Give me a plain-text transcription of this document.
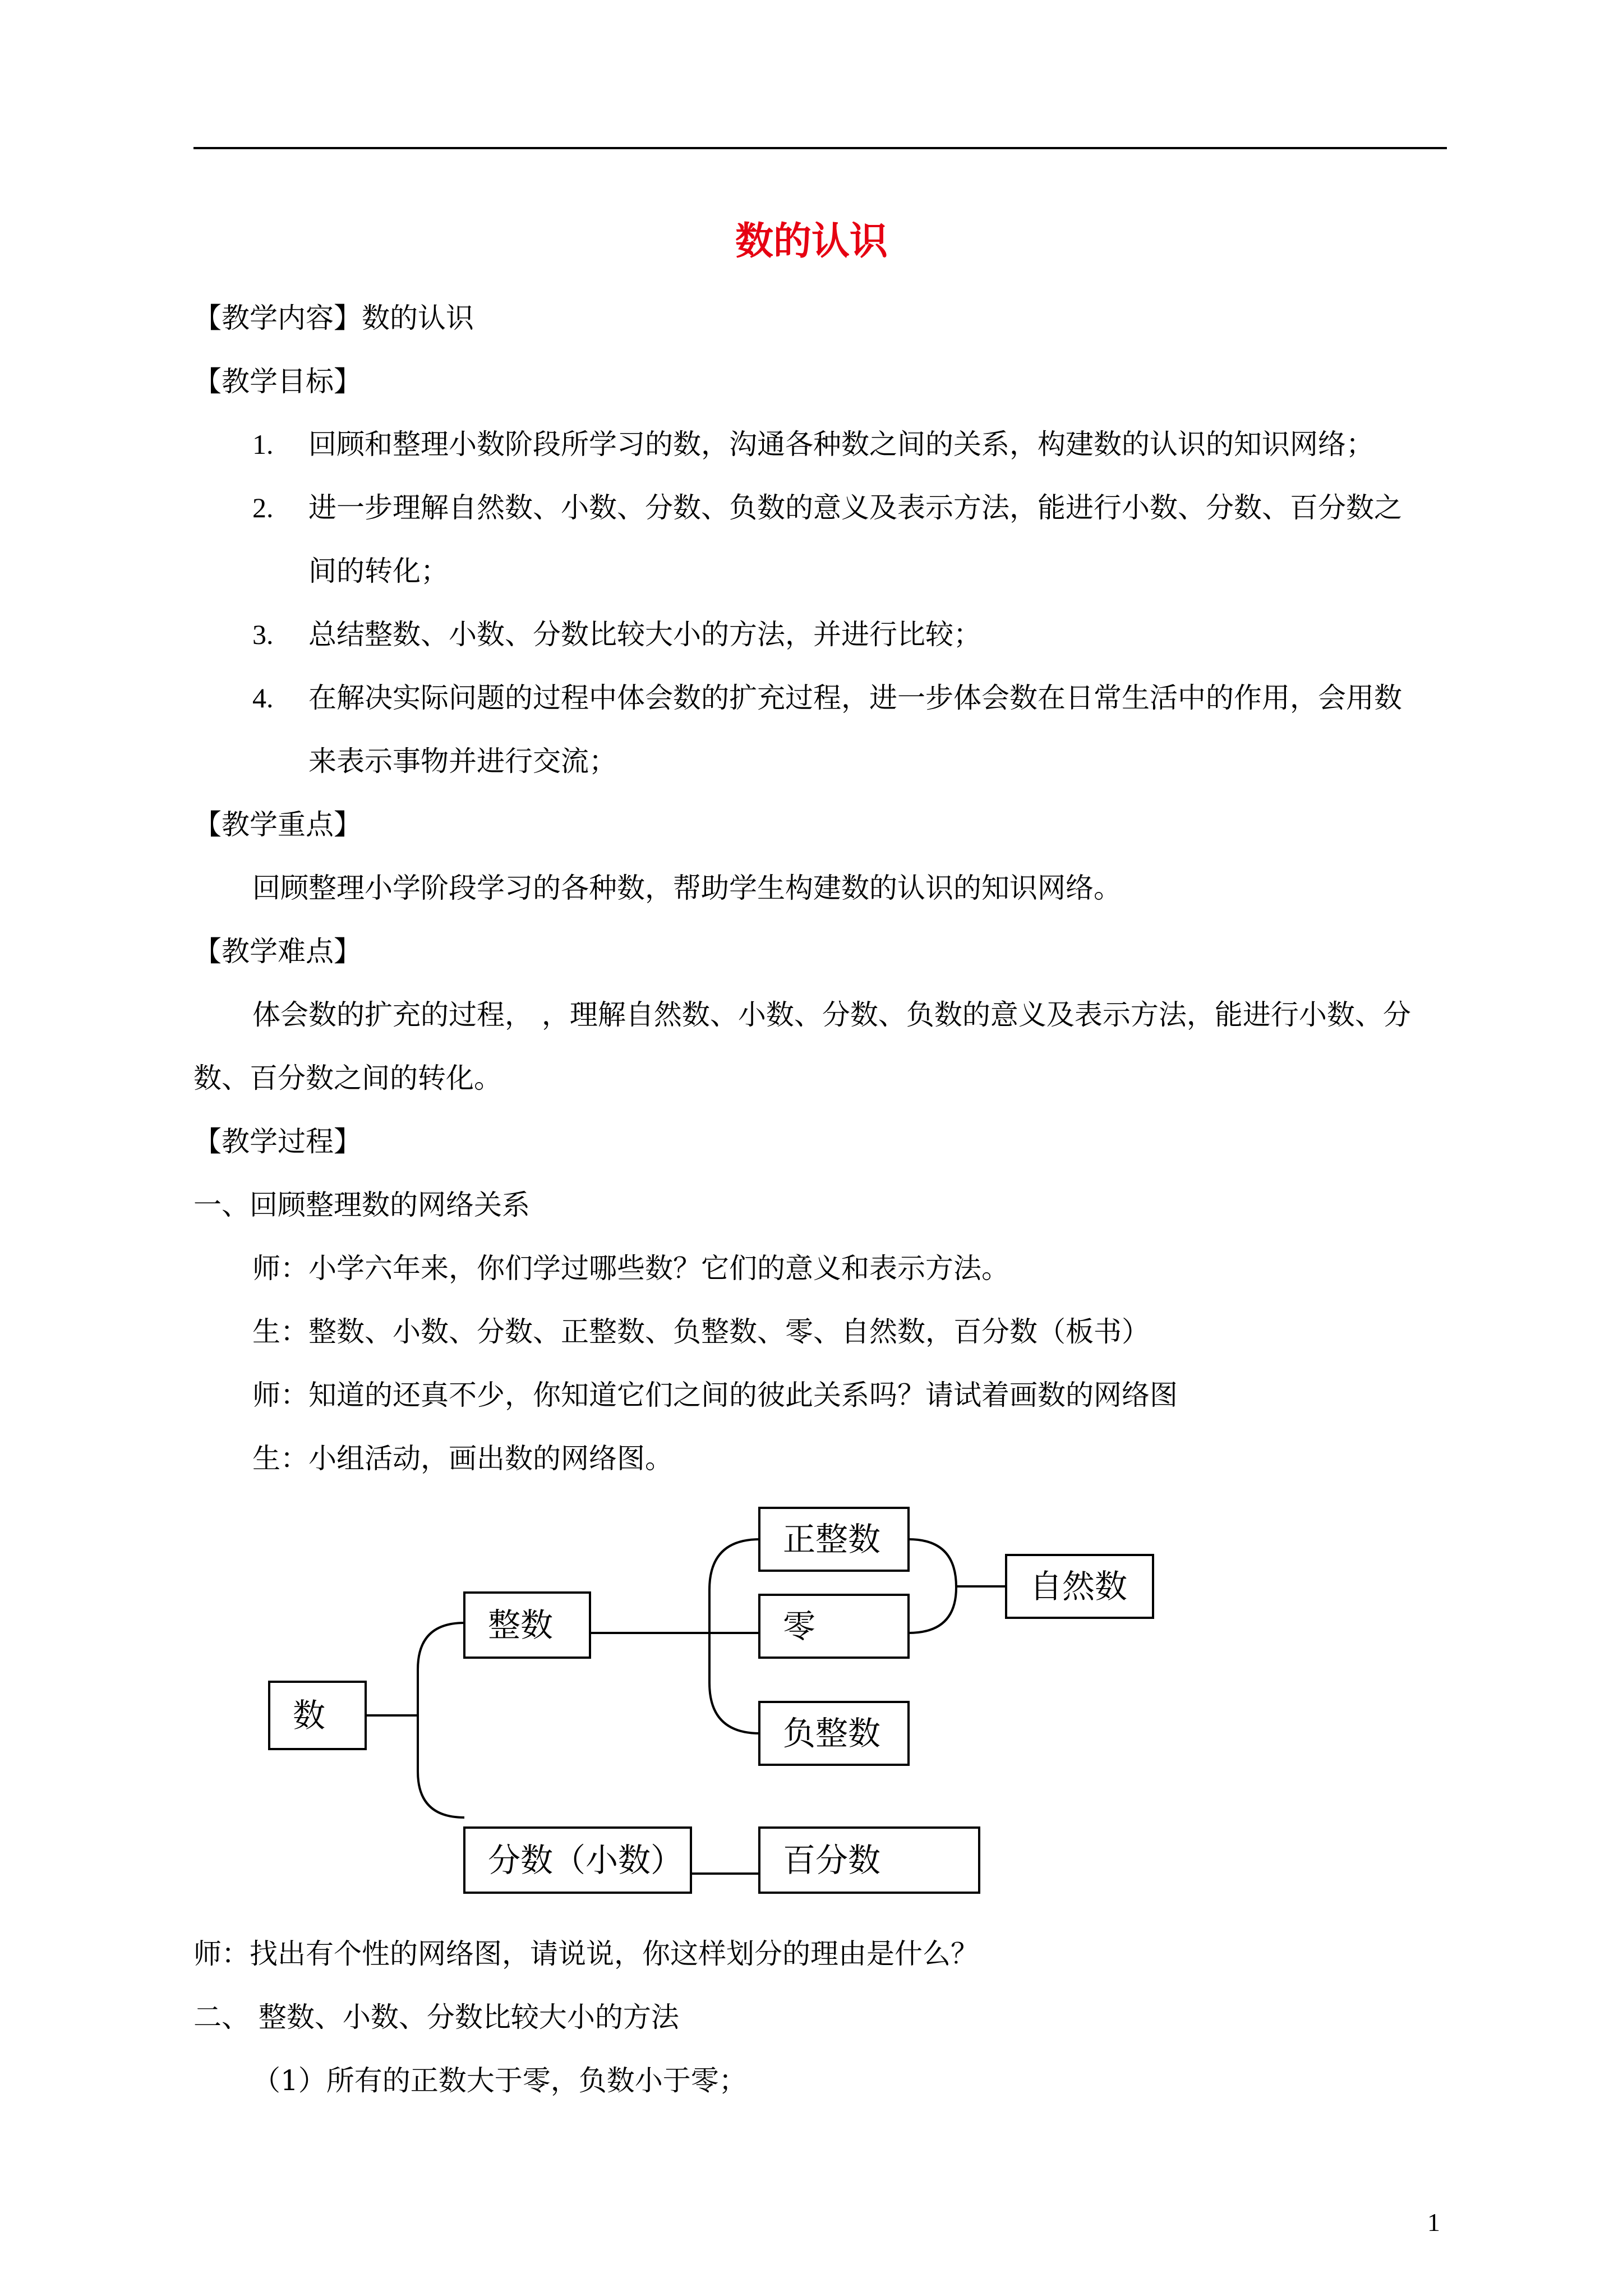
数的认识
【教学内容】数的认识
【教学目标】
1. 回顾和整理小数阶段所学习的数，沟通各种数之间的关系，构建数的认识的知识网络；
2. 进一步理解自然数、小数、分数、负数的意义及表示方法，能进行小数、分数、百分数之
间的转化；
3. 总结整数、小数、分数比较大小的方法，并进行比较；
4. 在解决实际问题的过程中体会数的扩充过程，进一步体会数在日常生活中的作用，会用数
来表示事物并进行交流；
【教学重点】
回顾整理小学阶段学习的各种数，帮助学生构建数的认识的知识网络。
【教学难点】
体会数的扩充的过程， ，理解自然数、小数、分数、负数的意义及表示方法，能进行小数、分
数、百分数之间的转化。
【教学过程】
一、回顾整理数的网络关系
师：小学六年来，你们学过哪些数？它们的意义和表示方法。
生：整数、小数、分数、正整数、负整数、零、自然数，百分数（板书）
师：知道的还真不少，你知道它们之间的彼此关系吗？请试着画数的网络图
生：小组活动，画出数的网络图。
数
整数
正整数
零
负整数
自然数
分数（小数）	百分数
师：找出有个性的网络图，请说说，你这样划分的理由是什么？
二、 整数、小数、分数比较大小的方法
（1）所有的正数大于零，负数小于零；
1
